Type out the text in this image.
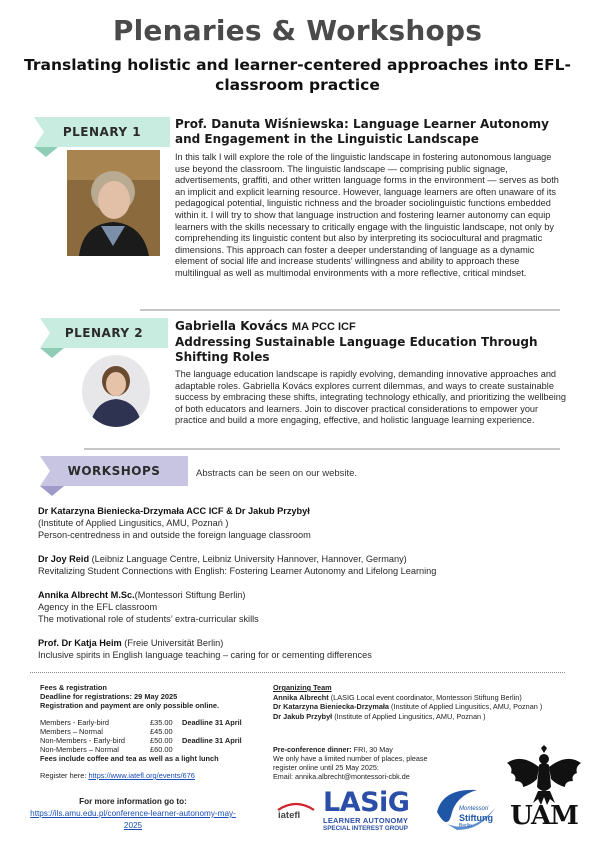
Plenaries & Workshops
Translating holistic and learner-centered approaches into EFL-classroom practice
PLENARY 1
Prof. Danuta Wiśniewska: Language Learner Autonomy
and Engagement in the Linguistic Landscape
In this talk I will explore the role of the linguistic landscape in fostering autonomous language use beyond the classroom. The linguistic landscape — comprising public signage, advertisements, graffiti, and other written language forms in the environment — serves as both an implicit and explicit learning resource. However, language learners are often unaware of its pedagogical potential, linguistic richness and the broader sociolinguistic functions embedded within it. I will try to show that language instruction and fostering learner autonomy can equip learners with the skills necessary to critically engage with the linguistic landscape, not only by comprehending its linguistic content but also by interpreting its sociocultural and pragmatic dimensions. This approach can foster a deeper understanding of language as a dynamic element of social life and increase students’ willingness and ability to approach these multilingual as well as multimodal environments with a more reflective, critical mindset.
PLENARY 2	Gabriella Kovács MA PCC ICF
Addressing Sustainable Language Education Through
Shifting Roles
The language education landscape is rapidly evolving, demanding innovative approaches and adaptable roles. Gabriella Kovács explores current dilemmas, and ways to create sustainable success by embracing these shifts, integrating technology ethically, and prioritizing the wellbeing of both educators and learners. Join to discover practical considerations to empower your practice and build a more engaging, effective, and holistic language learning experience.
WORKSHOPS	Abstracts can be seen on our website.
Dr Katarzyna Bieniecka-Drzymała ACC ICF & Dr Jakub Przybył
(Institute of Applied Lingusitics, AMU, Poznań )
Person-centredness in and outside the foreign language classroom
Dr Joy Reid (Leibniz Language Centre, Leibniz University Hannover, Hannover, Germany)
Revitalizing Student Connections with English: Fostering Learner Autonomy and Lifelong Learning
Annika Albrecht M.Sc.(Montessori Stiftung Berlin)
Agency in the EFL classroom
The motivational role of students’ extra-curricular skills
Prof. Dr Katja Heim (Freie Universität Berlin)
Inclusive spirits in English language teaching – caring for or cementing differences
Fees & registration
Deadline for registrations: 29 May 2025
Registration and payment are only possible online.
Members - Early-bird	£35.00	Deadline 31 April
Members – Normal	£45.00
Non-Members - Early-bird	£50.00	Deadline 31 April
Non-Members – Normal	£60.00
Fees include coffee and tea as well as a light lunch
Register here: https://www.iatefl.org/events/676
For more information go to:
https://ils.amu.edu.pl/conference-learner-autonomy-may-2025
Organizing Team
Annika Albrecht (LASIG Local event coordinator, Montessori Stiftung Berlin)
Dr Katarzyna Bieniecka-Drzymała (Institute of Applied Lingusitics, AMU, Poznan )
Dr Jakub Przybył (Institute of Applied Lingusitics, AMU, Poznan )
Pre-conference dinner: FRI, 30 May
We only have a limited number of places, please
register online until 25 May 2025:
Email: annika.albrecht@montessori-cbk.de
iatefl LASiG
LEARNER AUTONOMY
SPECIAL INTEREST GROUP
Montessori
Stiftung
Berlin	UAM
